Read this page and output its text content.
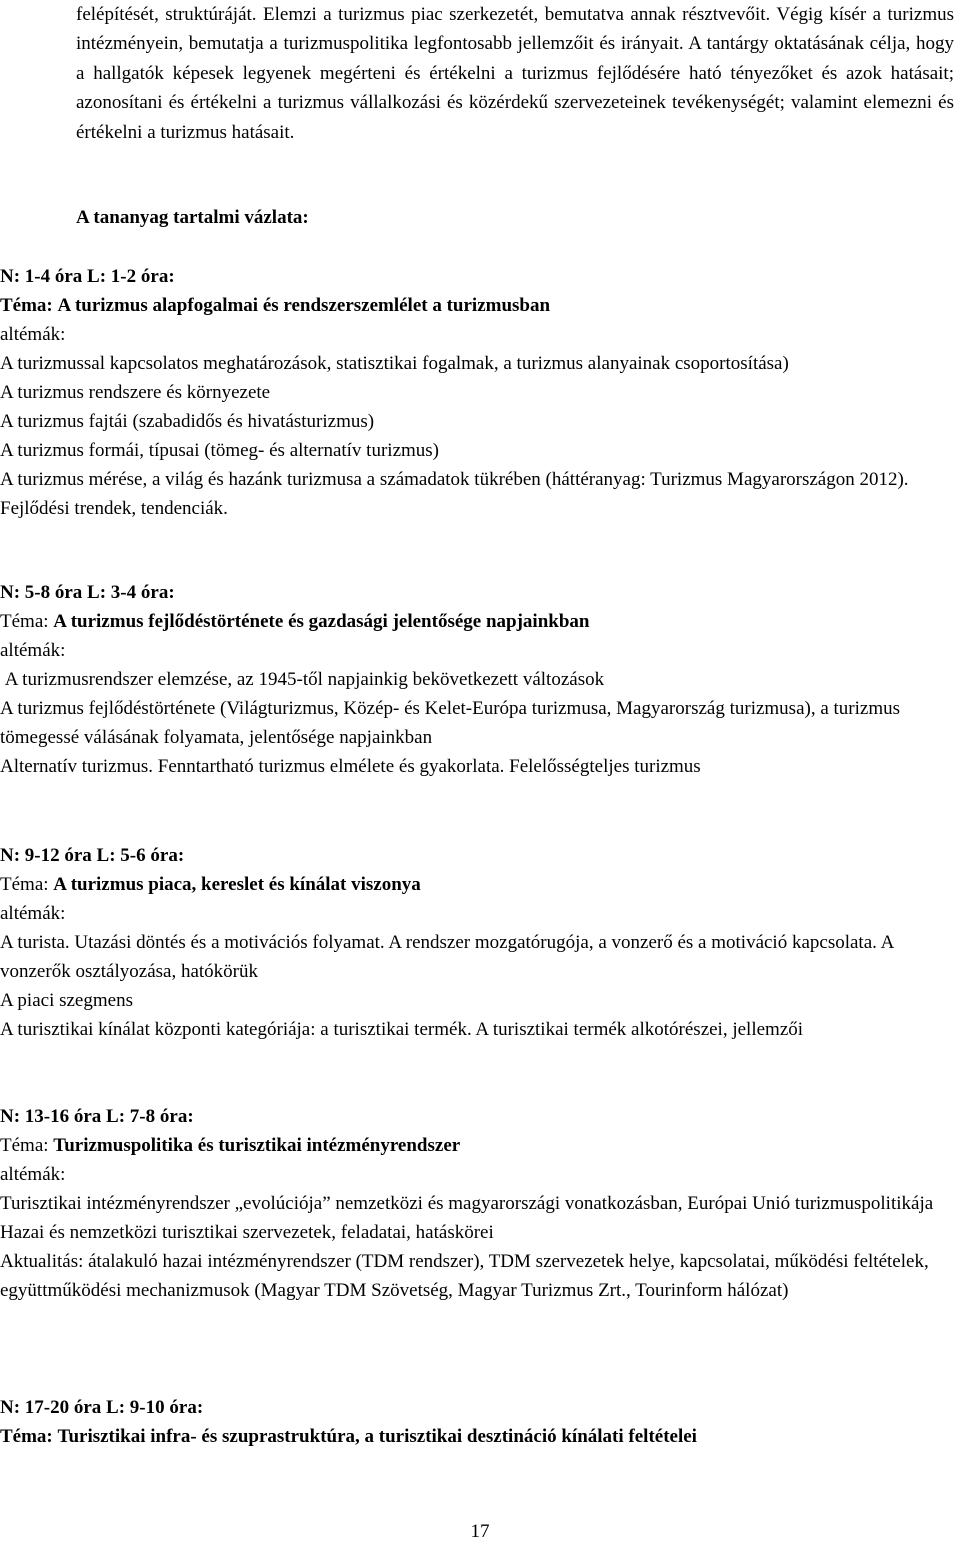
felépítését, struktúráját. Elemzi a turizmus piac szerkezetét, bemutatva annak résztvevőit. Végig kísér a turizmus intézményein, bemutatja a turizmuspolitika legfontosabb jellemzőit és irányait. A tantárgy oktatásának célja, hogy a hallgatók képesek legyenek megérteni és értékelni a turizmus fejlődésére ható tényezőket és azok hatásait; azonosítani és értékelni a turizmus vállalkozási és közérdekű szervezeteinek tevékenységét; valamint elemezni és értékelni a turizmus hatásait.

A tananyag tartalmi vázlata:

N: 1-4 óra L: 1-2 óra:

Téma: A turizmus alapfogalmai és rendszerszemlélet a turizmusban

altémák:

A turizmussal kapcsolatos meghatározások, statisztikai fogalmak, a turizmus alanyainak csoportosítása)

A turizmus rendszere és környezete

A turizmus fajtái (szabadidős és hivatásturizmus)

A turizmus formái, típusai (tömeg- és alternatív turizmus)

A turizmus mérése, a világ és hazánk turizmusa a számadatok tükrében (háttéranyag: Turizmus Magyarországon 2012). Fejlődési trendek, tendenciák.

N: 5-8 óra L: 3-4 óra:

Téma: A turizmus fejlődéstörténete és gazdasági jelentősége napjainkban

altémák:

A turizmusrendszer elemzése, az 1945-től napjainkig bekövetkezett változások

A turizmus fejlődéstörténete (Világturizmus, Közép- és Kelet-Európa turizmusa, Magyarország turizmusa), a turizmus tömegessé válásának folyamata, jelentősége napjainkban

Alternatív turizmus. Fenntartható turizmus elmélete és gyakorlata. Felelősségteljes turizmus

N: 9-12 óra L: 5-6 óra:

Téma: A turizmus piaca, kereslet és kínálat viszonya

altémák:

A turista. Utazási döntés és a motivációs folyamat. A rendszer mozgatórugója, a vonzerő és a motiváció kapcsolata. A vonzerők osztályozása, hatókörük

A piaci szegmens

A turisztikai kínálat központi kategóriája: a turisztikai termék. A turisztikai termék alkotórészei, jellemzői

N: 13-16 óra L: 7-8 óra:

Téma: Turizmuspolitika és turisztikai intézményrendszer

altémák:

Turisztikai intézményrendszer „evolúciója” nemzetközi és magyarországi vonatkozásban, Európai Unió turizmuspolitikája

Hazai és nemzetközi turisztikai szervezetek, feladatai, hatáskörei

Aktualitás: átalakuló hazai intézményrendszer (TDM rendszer), TDM szervezetek helye, kapcsolatai, működési feltételek, együttműködési mechanizmusok (Magyar TDM Szövetség, Magyar Turizmus Zrt., Tourinform hálózat)

N: 17-20 óra L: 9-10 óra:

Téma: Turisztikai infra- és szuprastruktúra, a turisztikai desztináció kínálati feltételei

17
